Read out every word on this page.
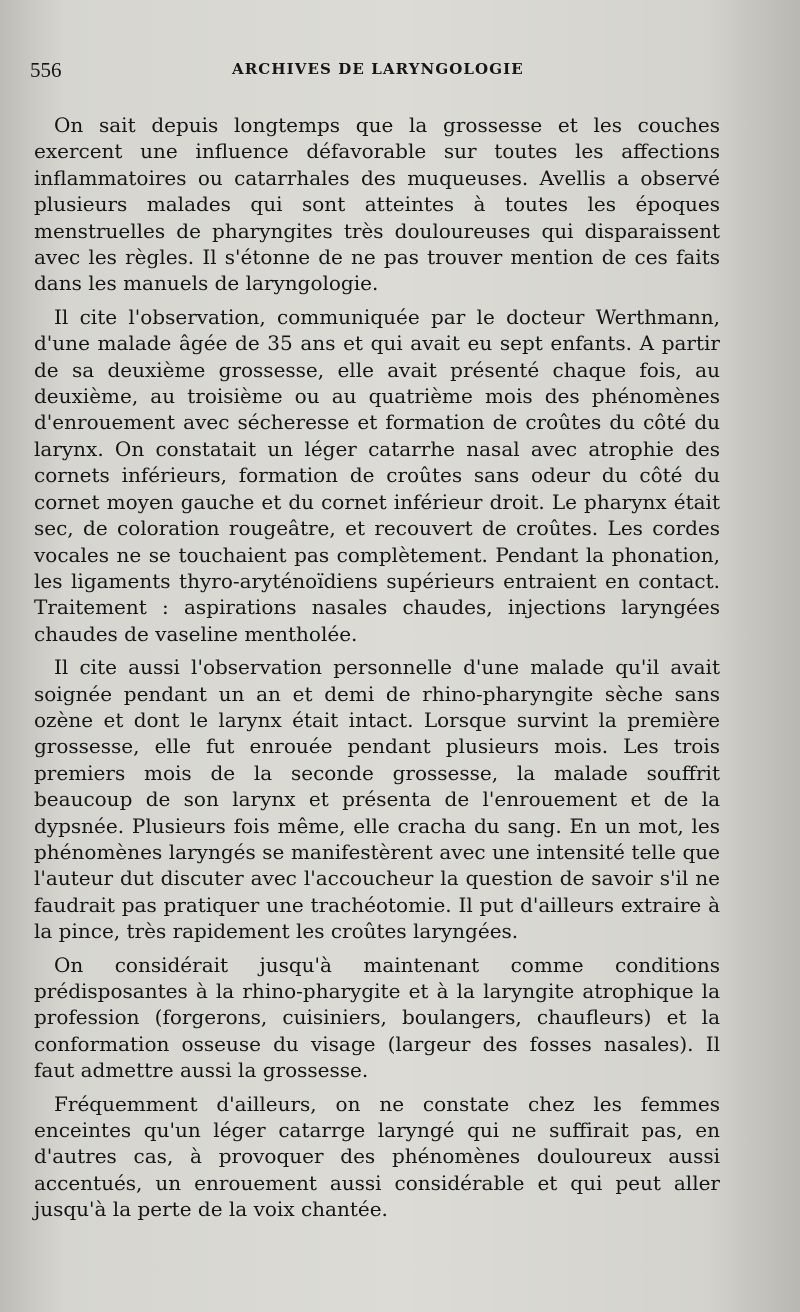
556	ARCHIVES DE LARYNGOLOGIE

On sait depuis longtemps que la grossesse et les couches exercent une influence défavorable sur toutes les affections inflammatoires ou catarrhales des muqueuses. Avellis a observé plusieurs malades qui sont atteintes à toutes les époques menstruelles de pharyngites très douloureuses qui disparaissent avec les règles. Il s'étonne de ne pas trouver mention de ces faits dans les manuels de laryngologie.

Il cite l'observation, communiquée par le docteur Werthmann, d'une malade âgée de 35 ans et qui avait eu sept enfants. A partir de sa deuxième grossesse, elle avait présenté chaque fois, au deuxième, au troisième ou au quatrième mois des phénomènes d'enrouement avec sécheresse et formation de croûtes du côté du larynx. On constatait un léger catarrhe nasal avec atrophie des cornets inférieurs, formation de croûtes sans odeur du côté du cornet moyen gauche et du cornet inférieur droit. Le pharynx était sec, de coloration rougeâtre, et recouvert de croûtes. Les cordes vocales ne se touchaient pas complètement. Pendant la phonation, les ligaments thyro-aryténoïdiens supérieurs entraient en contact. Traitement : aspirations nasales chaudes, injections laryngées chaudes de vaseline mentholée.

Il cite aussi l'observation personnelle d'une malade qu'il avait soignée pendant un an et demi de rhino-pharyngite sèche sans ozène et dont le larynx était intact. Lorsque survint la première grossesse, elle fut enrouée pendant plusieurs mois. Les trois premiers mois de la seconde grossesse, la malade souffrit beaucoup de son larynx et présenta de l'enrouement et de la dypsnée. Plusieurs fois même, elle cracha du sang. En un mot, les phénomènes laryngés se manifestèrent avec une intensité telle que l'auteur dut discuter avec l'accoucheur la question de savoir s'il ne faudrait pas pratiquer une trachéotomie. Il put d'ailleurs extraire à la pince, très rapidement les croûtes laryngées.

On considérait jusqu'à maintenant comme conditions prédisposantes à la rhino-pharygite et à la laryngite atrophique la profession (forgerons, cuisiniers, boulangers, chaufleurs) et la conformation osseuse du visage (largeur des fosses nasales). Il faut admettre aussi la grossesse.

Fréquemment d'ailleurs, on ne constate chez les femmes enceintes qu'un léger catarrge laryngé qui ne suffirait pas, en d'autres cas, à provoquer des phénomènes douloureux aussi accentués, un enrouement aussi considérable et qui peut aller jusqu'à la perte de la voix chantée.
